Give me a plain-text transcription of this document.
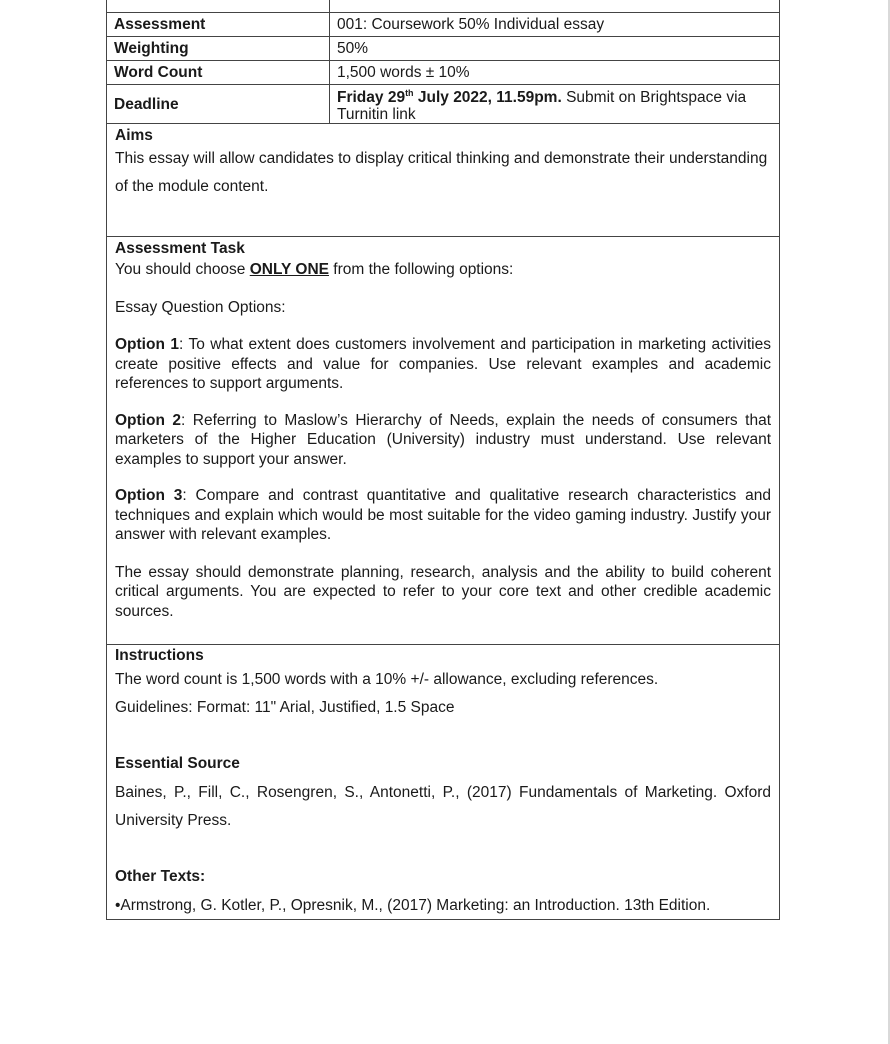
Assessment	001: Coursework 50% Individual essay
Weighting	50%
Word Count	1,500 words ± 10%
Deadline	Friday 29th July 2022, 11.59pm. Submit on Brightspace via Turnitin link

Aims

This essay will allow candidates to display critical thinking and demonstrate their understanding of the module content.

Assessment Task

You should choose ONLY ONE from the following options:

Essay Question Options:

Option 1: To what extent does customers involvement and participation in marketing activities create positive effects and value for companies. Use relevant examples and academic references to support arguments.

Option 2: Referring to Maslow’s Hierarchy of Needs, explain the needs of consumers that marketers of the Higher Education (University) industry must understand. Use relevant examples to support your answer.

Option 3: Compare and contrast quantitative and qualitative research characteristics and techniques and explain which would be most suitable for the video gaming industry. Justify your answer with relevant examples.

The essay should demonstrate planning, research, analysis and the ability to build coherent critical arguments. You are expected to refer to your core text and other credible academic sources.

Instructions

The word count is 1,500 words with a 10% +/- allowance, excluding references.

Guidelines: Format: 11" Arial, Justified, 1.5 Space

Essential Source

Baines, P., Fill, C., Rosengren, S., Antonetti, P., (2017) Fundamentals of Marketing. Oxford University Press.

Other Texts:

•Armstrong, G. Kotler, P., Opresnik, M., (2017) Marketing: an Introduction. 13th Edition.
